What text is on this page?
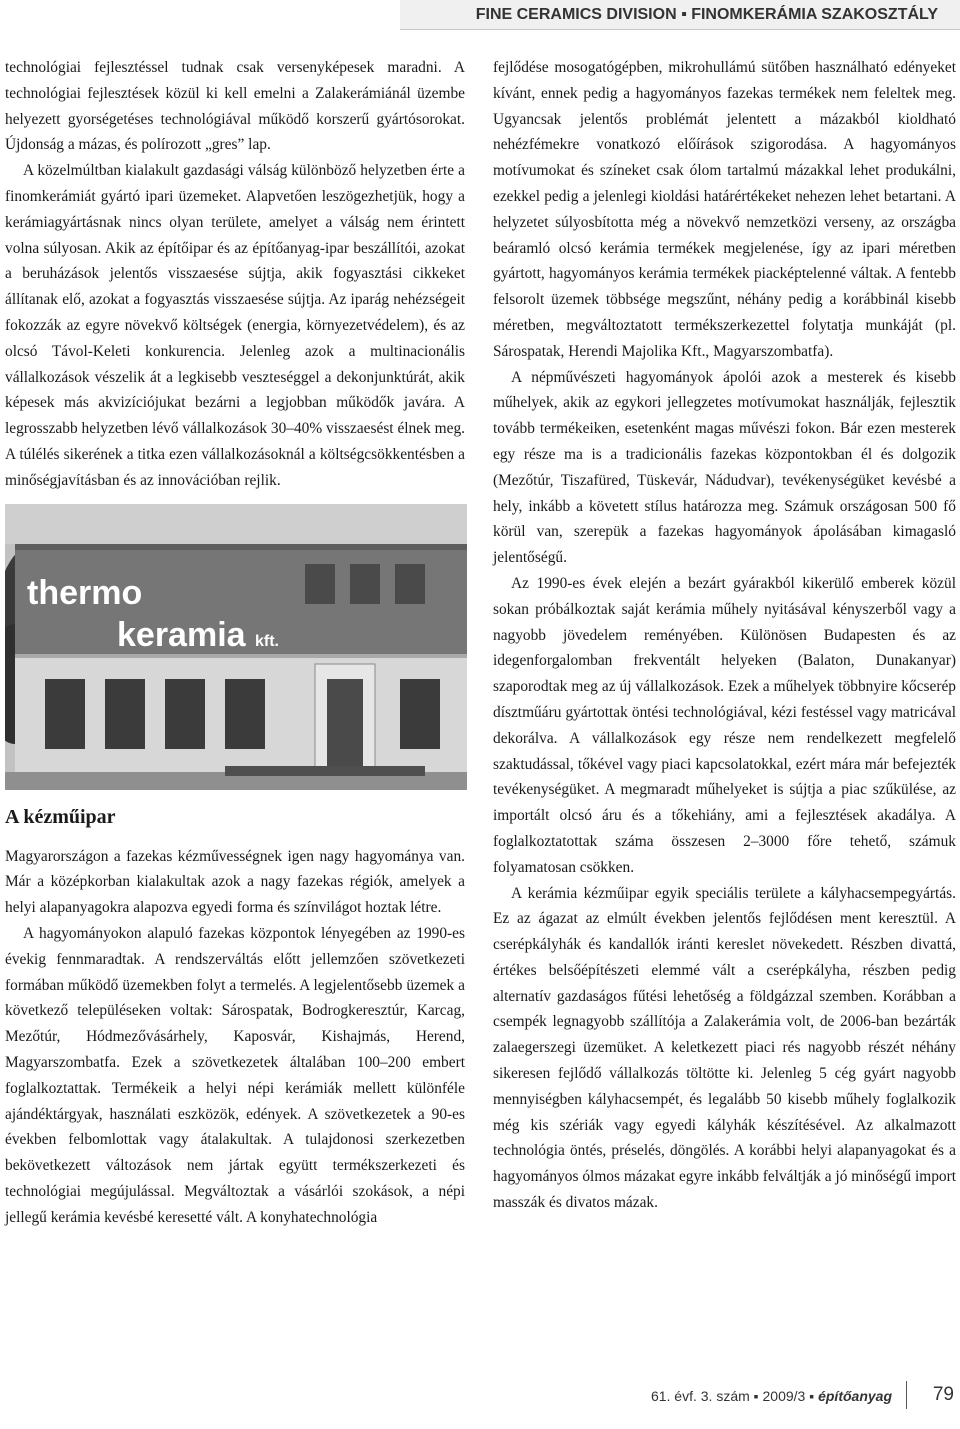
FINE CERAMICS DIVISION ▪ FINOMKERÁMIA SZAKOSZTÁLY

technológiai fejlesztéssel tudnak csak versenyképesek maradni. A technológiai fejlesztések közül ki kell emelni a Zalakerámiánál üzembe helyezett gyorségetéses technológiával működő korszerű gyártósorokat. Újdonság a mázas, és polírozott „gres” lap.

A közelmúltban kialakult gazdasági válság különböző helyzetben érte a finomkerámiát gyártó ipari üzemeket. Alapvetően leszögezhetjük, hogy a kerámiagyártásnak nincs olyan területe, amelyet a válság nem érintett volna súlyosan. Akik az építőipar és az építőanyag-ipar beszállítói, azokat a beruházások jelentős visszaesése sújtja, akik fogyasztási cikkeket állítanak elő, azokat a fogyasztás visszaesése sújtja. Az iparág nehézségeit fokozzák az egyre növekvő költségek (energia, környezetvédelem), és az olcsó Távol-Keleti konkurencia. Jelenleg azok a multinacionális vállalkozások vészelik át a legkisebb veszteséggel a dekonjunktúrát, akik képesek más akvizíciójukat bezárni a legjobban működők javára. A legrosszabb helyzetben lévő vállalkozások 30–40% visszaesést élnek meg. A túlélés sikerének a titka ezen vállalkozásoknál a költségcsökkentésben a minőségjavításban és az innovációban rejlik.

thermo
keramia kft.
A kézműipar

Magyarországon a fazekas kézművességnek igen nagy hagyománya van. Már a középkorban kialakultak azok a nagy fazekas régiók, amelyek a helyi alapanyagokra alapozva egyedi forma és színvilágot hoztak létre.

A hagyományokon alapuló fazekas központok lényegében az 1990-es évekig fennmaradtak. A rendszerváltás előtt jellemzően szövetkezeti formában működő üzemekben folyt a termelés. A legjelentősebb üzemek a következő településeken voltak: Sárospatak, Bodrogkeresztúr, Karcag, Mezőtúr, Hódmezővásárhely, Kaposvár, Kishajmás, Herend, Magyarszombatfa. Ezek a szövetkezetek általában 100–200 embert foglalkoztattak. Termékeik a helyi népi kerámiák mellett különféle ajándéktárgyak, használati eszközök, edények. A szövetkezetek a 90-es években felbomlottak vagy átalakultak. A tulajdonosi szerkezetben bekövetkezett változások nem jártak együtt termékszerkezeti és technológiai megújulással. Megváltoztak a vásárlói szokások, a népi jellegű kerámia kevésbé keresetté vált. A konyhatechnológia

fejlődése mosogatógépben, mikrohullámú sütőben használható edényeket kívánt, ennek pedig a hagyományos fazekas termékek nem feleltek meg. Ugyancsak jelentős problémát jelentett a mázakból kioldható nehézfémekre vonatkozó előírások szigorodása. A hagyományos motívumokat és színeket csak ólom tartalmú mázakkal lehet produkálni, ezekkel pedig a jelenlegi kioldási határértékeket nehezen lehet betartani. A helyzetet súlyosbította még a növekvő nemzetközi verseny, az országba beáramló olcsó kerámia termékek megjelenése, így az ipari méretben gyártott, hagyományos kerámia termékek piacképtelenné váltak. A fentebb felsorolt üzemek többsége megszűnt, néhány pedig a korábbinál kisebb méretben, megváltoztatott termékszerkezettel folytatja munkáját (pl. Sárospatak, Herendi Majolika Kft., Magyarszombatfa).

A népművészeti hagyományok ápolói azok a mesterek és kisebb műhelyek, akik az egykori jellegzetes motívumokat használják, fejlesztik tovább termékeiken, esetenként magas művészi fokon. Bár ezen mesterek egy része ma is a tradicionális fazekas központokban él és dolgozik (Mezőtúr, Tiszafüred, Tüskevár, Nádudvar), tevékenységüket kevésbé a hely, inkább a követett stílus határozza meg. Számuk országosan 500 fő körül van, szerepük a fazekas hagyományok ápolásában kimagasló jelentőségű.

Az 1990-es évek elején a bezárt gyárakból kikerülő emberek közül sokan próbálkoztak saját kerámia műhely nyitásával kényszerből vagy a nagyobb jövedelem reményében. Különösen Budapesten és az idegenforgalomban frekventált helyeken (Balaton, Dunakanyar) szaporodtak meg az új vállalkozások. Ezek a műhelyek többnyire kőcserép dísztműáru gyártottak öntési technológiával, kézi festéssel vagy matricával dekorálva. A vállalkozások egy része nem rendelkezett megfelelő szaktudással, tőkével vagy piaci kapcsolatokkal, ezért mára már befejezték tevékenységüket. A megmaradt műhelyeket is sújtja a piac szűkülése, az importált olcsó áru és a tőkehiány, ami a fejlesztések akadálya. A foglalkoztatottak száma összesen 2–3000 főre tehető, számuk folyamatosan csökken.

A kerámia kézműipar egyik speciális területe a kályhacsempegyártás. Ez az ágazat az elmúlt években jelentős fejlődésen ment keresztül. A cserépkályhák és kandallók iránti kereslet növekedett. Részben divattá, értékes belsőépítészeti elemmé vált a cserépkályha, részben pedig alternatív gazdaságos fűtési lehetőség a földgázzal szemben. Korábban a csempék legnagyobb szállítója a Zalakerámia volt, de 2006-ban bezárták zalaegerszegi üzemüket. A keletkezett piaci rés nagyobb részét néhány sikeresen fejlődő vállalkozás töltötte ki. Jelenleg 5 cég gyárt nagyobb mennyiségben kályhacsempét, és legalább 50 kisebb műhely foglalkozik még kis szériák vagy egyedi kályhák készítésével. Az alkalmazott technológia öntés, préselés, döngölés. A korábbi helyi alapanyagokat és a hagyományos ólmos mázakat egyre inkább felváltják a jó minőségű import masszák és divatos mázak.

61. évf. 3. szám ▪ 2009/3 ▪ építőanyag 79
